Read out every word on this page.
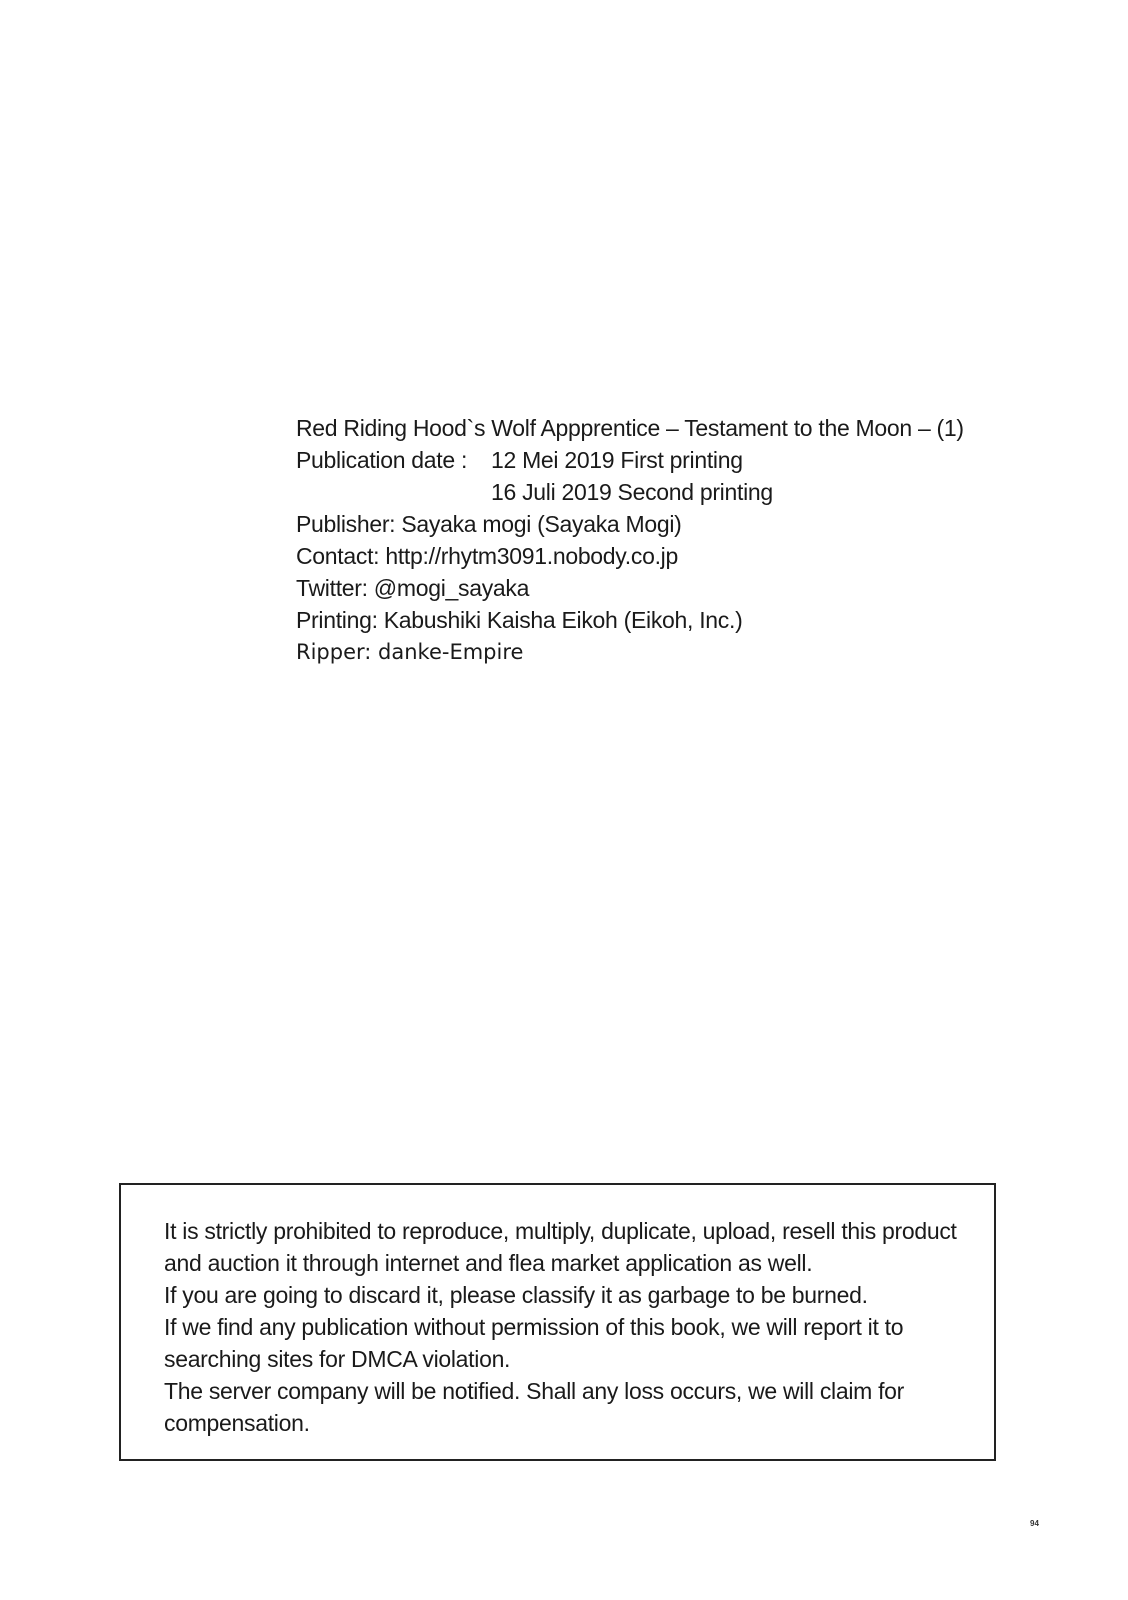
Red Riding Hood`s Wolf Appprentice – Testament to the Moon – (1)
Publication date :	12 Mei 2019 First printing
16 Juli 2019 Second printing
Publisher: Sayaka mogi (Sayaka Mogi)
Contact: http://rhytm3091.nobody.co.jp
Twitter: @mogi_sayaka
Printing: Kabushiki Kaisha Eikoh (Eikoh, Inc.)
Ripper: danke-Empire
It is strictly prohibited to reproduce, multiply, duplicate, upload, resell this product
and auction it through internet and flea market application as well.
If you are going to discard it, please classify it as garbage to be burned.
If we find any publication without permission of this book, we will report it to
searching sites for DMCA violation.
The server company will be notified. Shall any loss occurs, we will claim for
compensation.
94
